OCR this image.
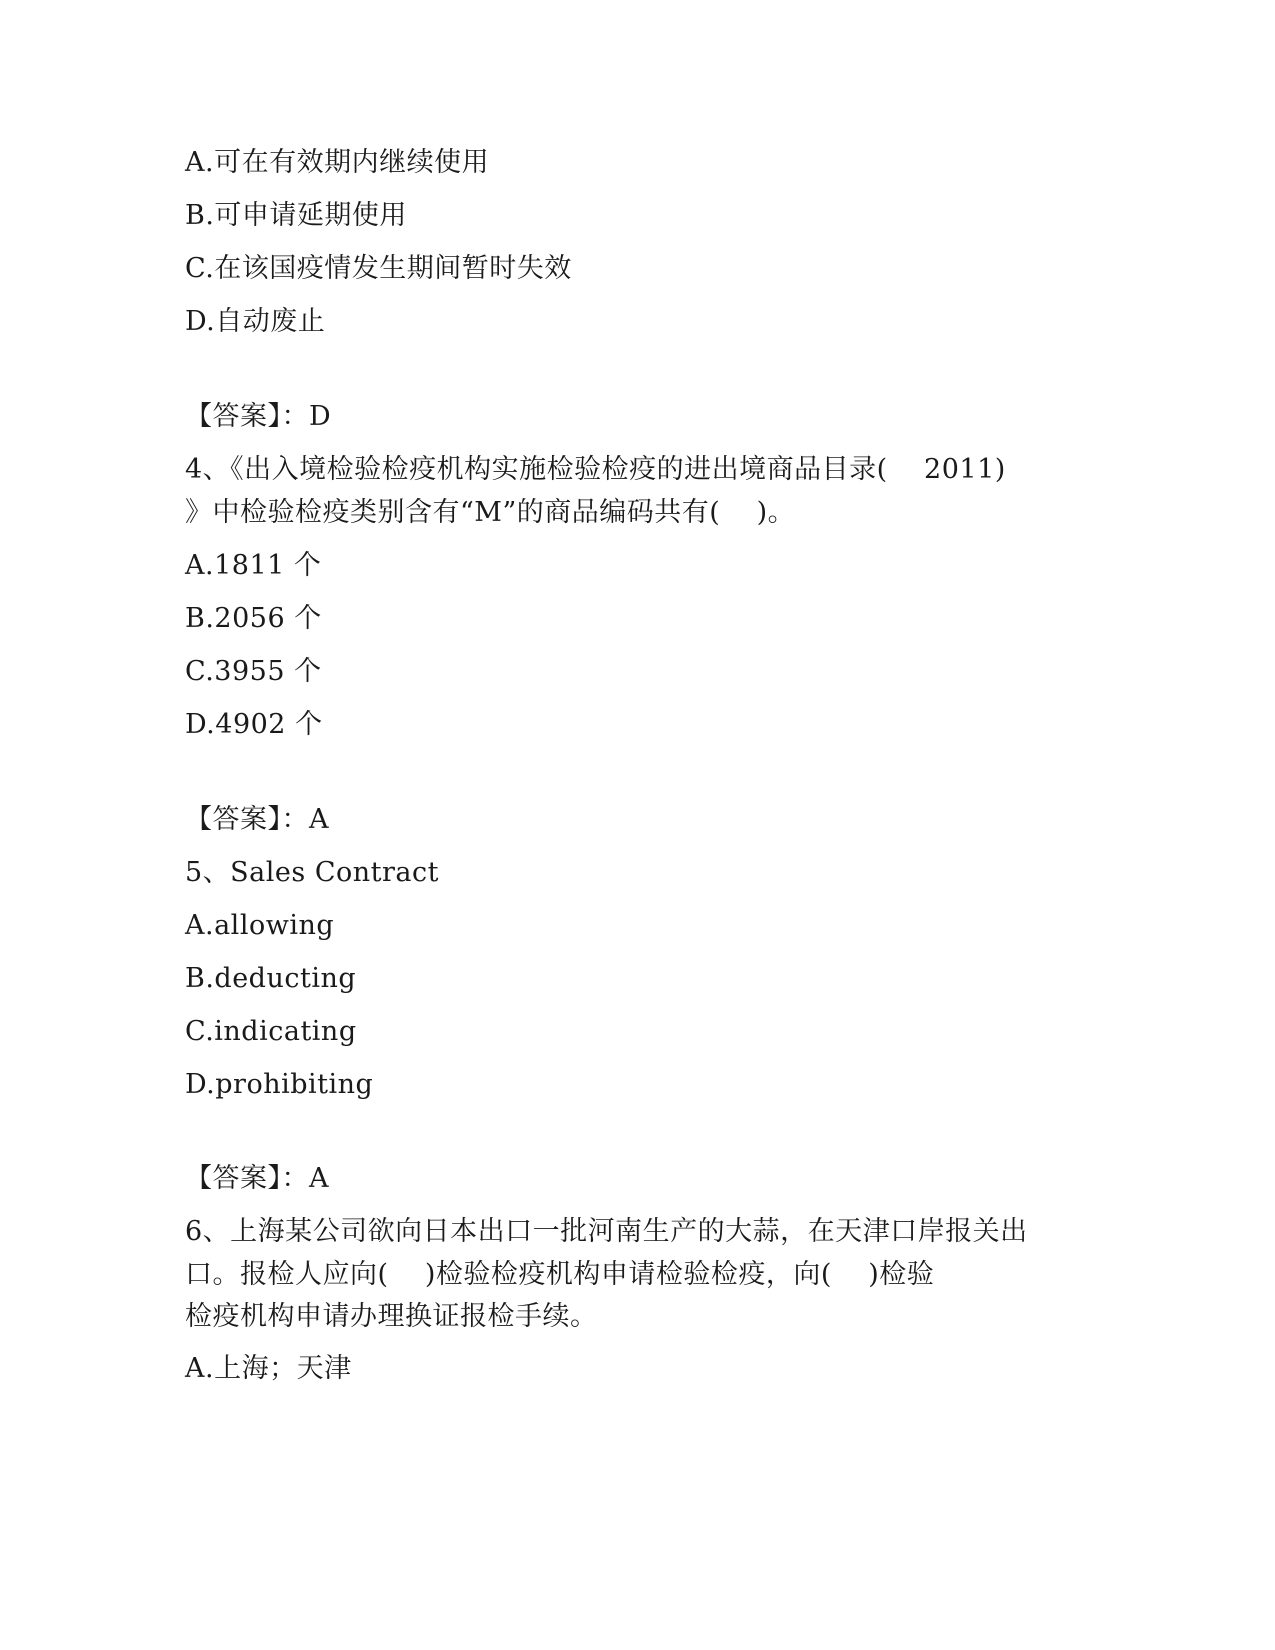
A.可在有效期内继续使用
B.可申请延期使用
C.在该国疫情发生期间暂时失效
D.自动废止
【答案】：D
4、《出入境检验检疫机构实施检验检疫的进出境商品目录(    2011)
》中检验检疫类别含有“M”的商品编码共有(    )。
A.1811 个
B.2056 个
C.3955 个
D.4902 个
【答案】：A
5、Sales Contract
A.allowing
B.deducting
C.indicating
D.prohibiting
【答案】：A
6、上海某公司欲向日本出口一批河南生产的大蒜，在天津口岸报关出
口。报检人应向(    )检验检疫机构申请检验检疫，向(    )检验
检疫机构申请办理换证报检手续。
A.上海；天津
